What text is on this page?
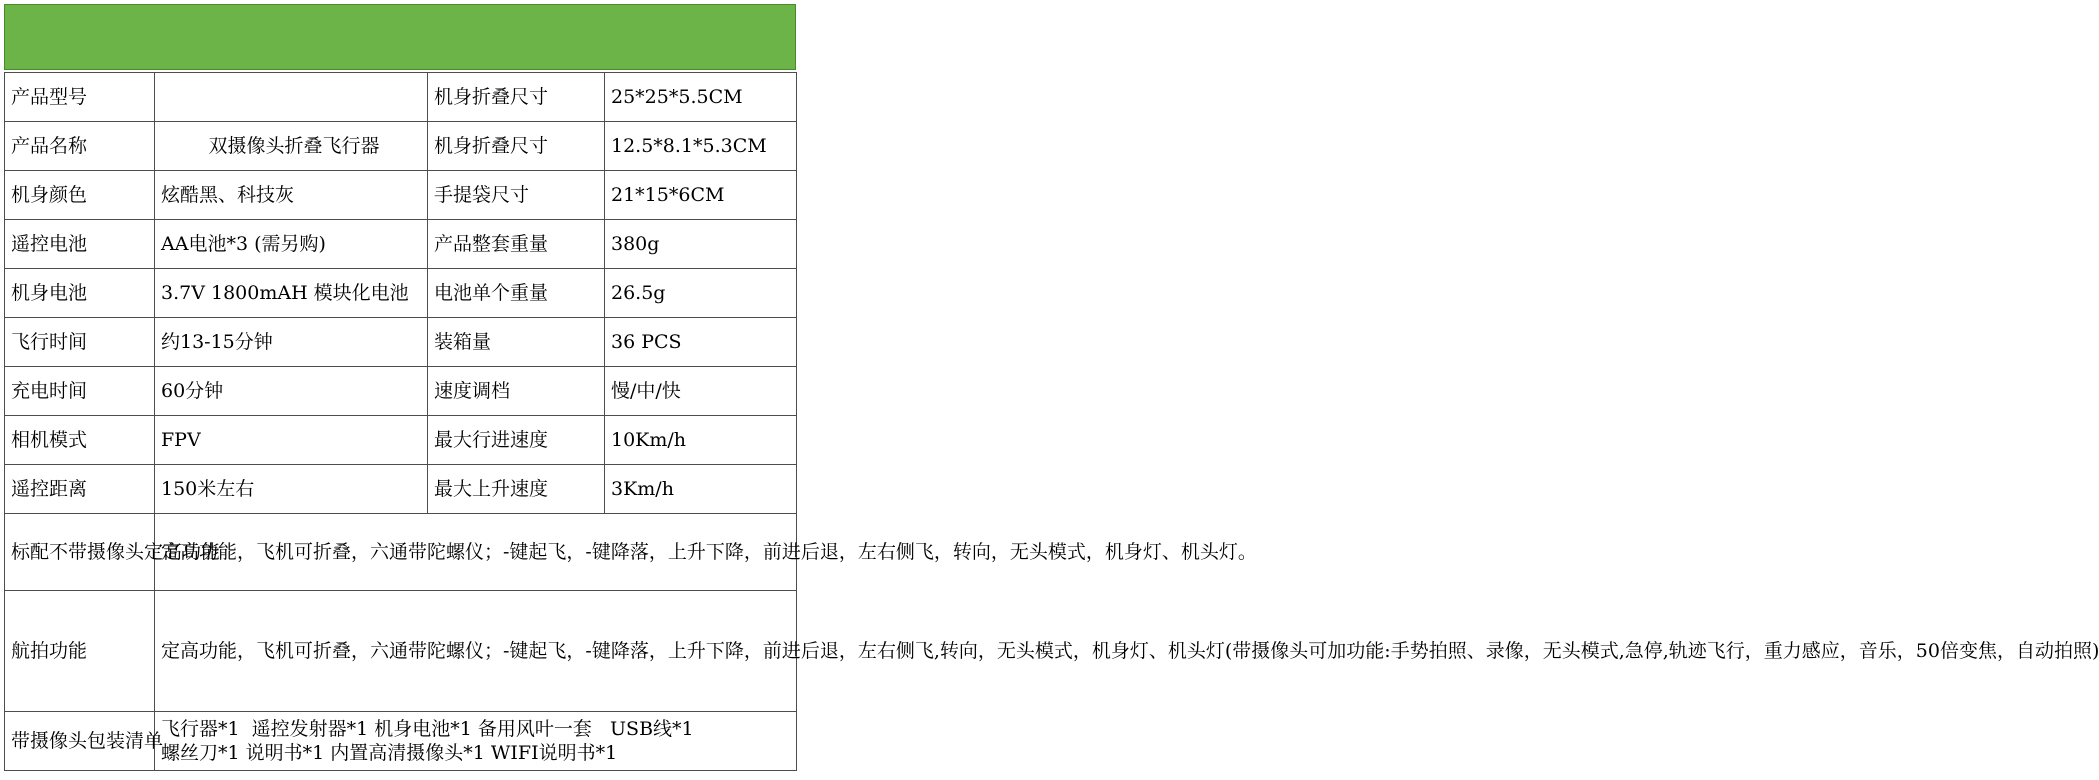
产品型号		机身折叠尺寸	25*25*5.5CM
产品名称	双摄像头折叠飞行器	机身折叠尺寸	12.5*8.1*5.3CM
机身颜色	炫酷黑、科技灰	手提袋尺寸	21*15*6CM
遥控电池	AA电池*3 (需另购)	产品整套重量	380g
机身电池	3.7V 1800mAH 模块化电池	电池单个重量	26.5g
飞行时间	约13-15分钟	装箱量	36 PCS
充电时间	60分钟	速度调档	慢/中/快
相机模式	FPV	最大行进速度	10Km/h
遥控距离	150米左右	最大上升速度	3Km/h
标配不带摄像头定高功能	定高功能，飞机可折叠，六通带陀螺仪；-键起飞，-键降落，上升下降，前进后退，左右侧飞，转向，无头模式，机身灯、机头灯。		
航拍功能	定高功能，飞机可折叠，六通带陀螺仪；-键起飞，-键降落，上升下降，前进后退，左右侧飞,转向，无头模式，机身灯、机头灯(带摄像头可加功能:手势拍照、录像，无头模式,急停,轨迹飞行，重力感应，音乐，50倍变焦，自动拍照)		
带摄像头包装清单	飞行器*1  遥控发射器*1 机身电池*1 备用风叶一套   USB线*1
螺丝刀*1 说明书*1 内置高清摄像头*1 WIFI说明书*1		
